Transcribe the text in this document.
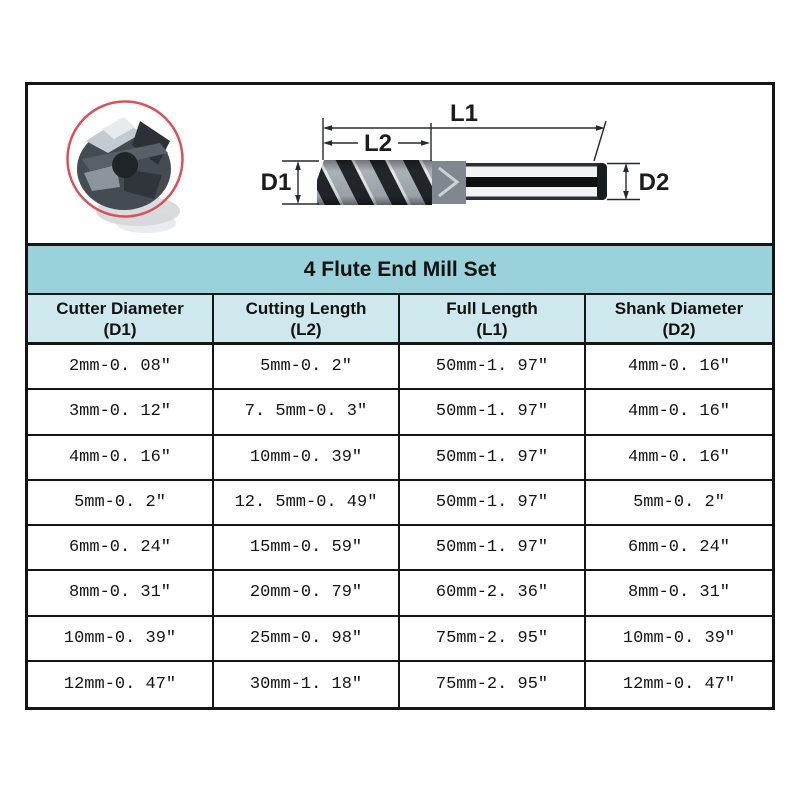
L1
L2
D1	D2
4 Flute End Mill Set
Cutter Diameter
(D1)
Cutting Length
(L2)
Full Length
(L1)
Shank Diameter
(D2)
2mm-0. 08″	5mm-0. 2″	50mm-1. 97″	4mm-0. 16″
3mm-0. 12″	7. 5mm-0. 3″	50mm-1. 97″	4mm-0. 16″
4mm-0. 16″	10mm-0. 39″	50mm-1. 97″	4mm-0. 16″
5mm-0. 2″	12. 5mm-0. 49″	50mm-1. 97″	5mm-0. 2″
6mm-0. 24″	15mm-0. 59″	50mm-1. 97″	6mm-0. 24″
8mm-0. 31″	20mm-0. 79″	60mm-2. 36″	8mm-0. 31″
10mm-0. 39″	25mm-0. 98″	75mm-2. 95″	10mm-0. 39″
12mm-0. 47″	30mm-1. 18″	75mm-2. 95″	12mm-0. 47″
